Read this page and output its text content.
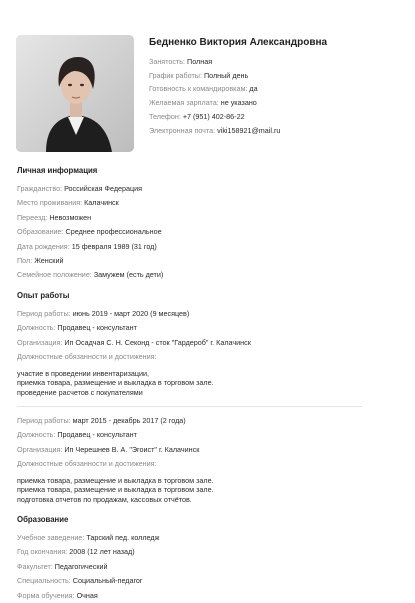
Бедненко Виктория Александровна
Занятость: Полная
График работы: Полный день
Готовность к командировкам: да
Желаемая зарплата: не указано
Телефон: +7 (951) 402-86-22
Электронная почта: viki158921@mail.ru
Личная информация
Гражданство: Российская Федерация
Место проживания: Калачинск
Переезд: Невозможен
Образование: Среднее профессиональное
Дата рождения: 15 февраля 1989 (31 год)
Пол: Женский
Семейное положение: Замужем (есть дети)
Опыт работы
Период работы: июнь 2019 - март 2020 (9 месяцев)
Должность: Продавец - консультант
Организация: Ип Осадчая С. Н. Секонд - сток "Гардероб" г. Калачинск
Должностные обязанности и достижения:
участие в проведении инвентаризации,
приемка товара, размещение и выкладка в торговом зале.
проведение расчетов с покупателями
Период работы: март 2015 - декабрь 2017 (2 года)
Должность: Продавец - консультант
Организация: Ип Черешнев В. А. "Эгоист" г. Калачинск
Должностные обязанности и достижения:
приемка товара, размещение и выкладка в торговом зале.
приемка товара, размещение и выкладка в торговом зале.
подготовка отчетов по продажам, кассовых отчётов.
Образование
Учебное заведение: Тарский пед. колледж
Год окончания: 2008 (12 лет назад)
Факультет: Педагогический
Специальность: Социальный-педагог
Форма обучения: Очная
